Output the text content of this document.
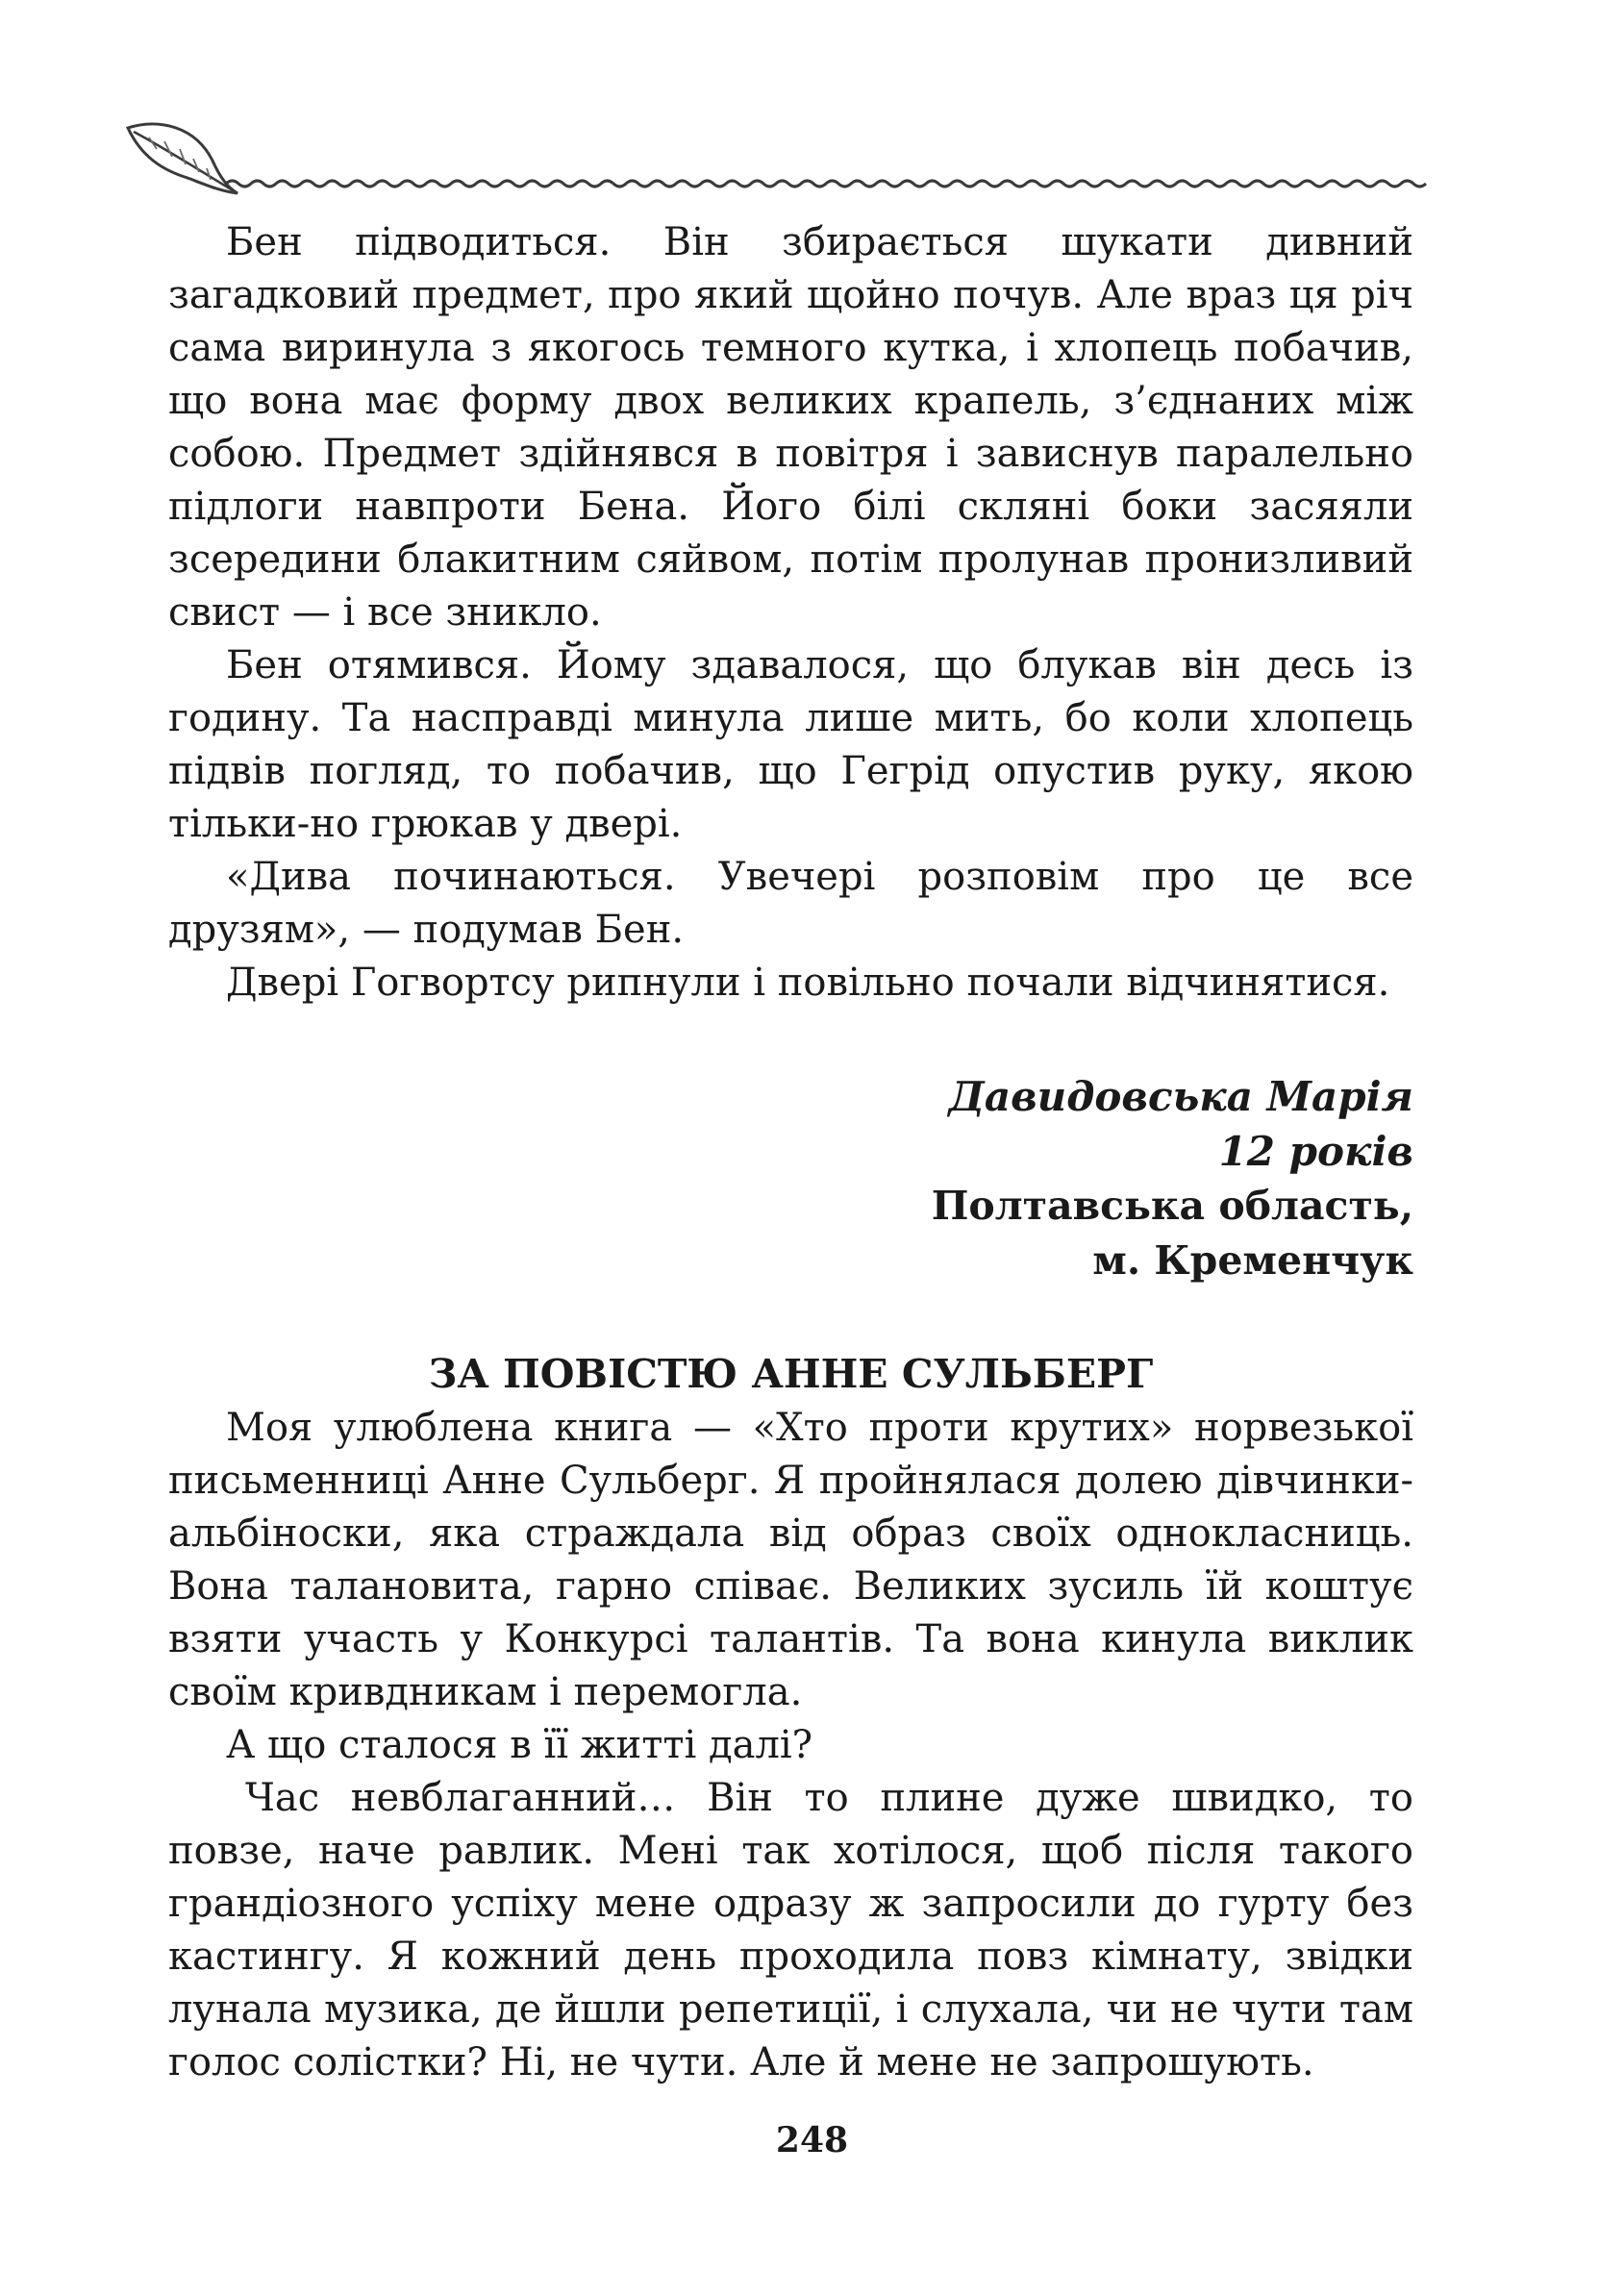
Бен підводиться. Він збирається шукати дивний загадковий предмет, про який щойно почув. Але враз ця річ сама виринула з якогось темного кутка, і хлопець побачив, що вона має форму двох великих крапель, з’єднаних між собою. Предмет здійнявся в повітря і зависнув паралельно підлоги навпроти Бена. Його білі скляні боки засяяли зсередини блакитним сяйвом, потім пролунав пронизливий свист — і все зникло.

Бен отямився. Йому здавалося, що блукав він десь із годину. Та насправді минула лише мить, бо коли хлопець підвів погляд, то побачив, що Гегрід опустив руку, якою тільки-но грюкав у двері.

«Дива починаються. Увечері розповім про це все друзям», — подумав Бен.

Двері Гогвортсу рипнули і повільно почали відчинятися.

Давидовська Марія
12 років
Полтавська область,
м. Кременчук
ЗА ПОВІСТЮ АННЕ СУЛЬБЕРГ

Моя улюблена книга — «Хто проти крутих» норвезької письменниці Анне Сульберг. Я пройнялася долею дівчинки-альбіноски, яка страждала від образ своїх однокласниць. Вона талановита, гарно співає. Великих зусиль їй коштує взяти участь у Конкурсі талантів. Та вона кинула виклик своїм кривдникам і перемогла.

А що сталося в її житті далі?

Час невблаганний… Він то плине дуже швидко, то повзе, наче равлик. Мені так хотілося, щоб після такого грандіозного успіху мене одразу ж запросили до гурту без кастингу. Я кожний день проходила повз кімнату, звідки лунала музика, де йшли репетиції, і слухала, чи не чути там голос солістки? Ні, не чути. Але й мене не запрошують.

248
